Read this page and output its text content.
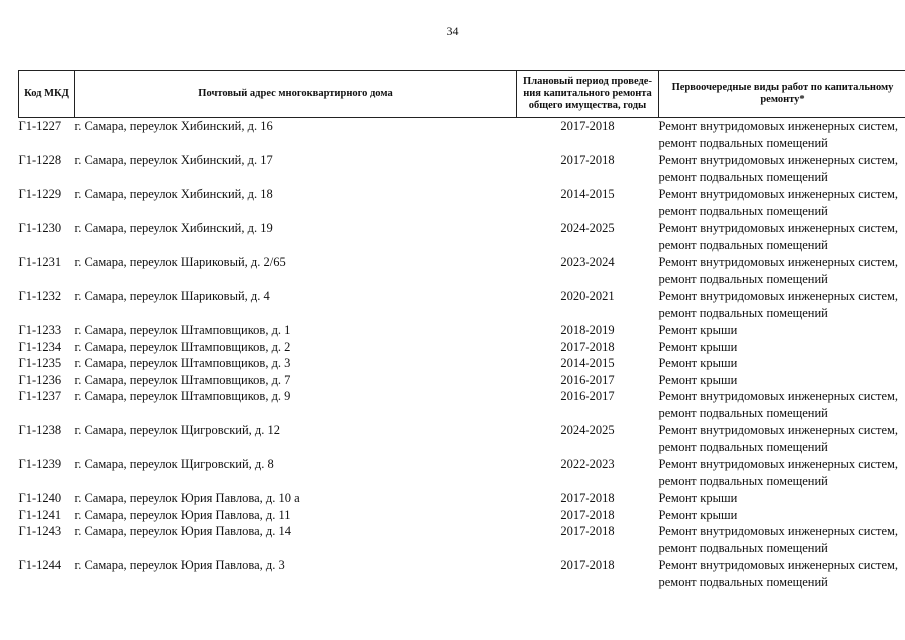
34
Код МКД	Почтовый адрес многоквартирного дома	Плановый период проведе- ния капитального ремонта общего имущества, годы	Первоочередные виды работ по капитальному ремонту*
Г1-1227	г. Самара, переулок Хибинский, д. 16	2017-2018	Ремонт внутридомовых инженерных систем,
ремонт подвальных помещений

Г1-1228	г. Самара, переулок Хибинский, д. 17	2017-2018	Ремонт внутридомовых инженерных систем,
ремонт подвальных помещений

Г1-1229	г. Самара, переулок Хибинский, д. 18	2014-2015	Ремонт внутридомовых инженерных систем,
ремонт подвальных помещений

Г1-1230	г. Самара, переулок Хибинский, д. 19	2024-2025	Ремонт внутридомовых инженерных систем,
ремонт подвальных помещений

Г1-1231	г. Самара, переулок Шариковый, д. 2/65	2023-2024	Ремонт внутридомовых инженерных систем,
ремонт подвальных помещений

Г1-1232	г. Самара, переулок Шариковый, д. 4	2020-2021	Ремонт внутридомовых инженерных систем,
ремонт подвальных помещений

Г1-1233	г. Самара, переулок Штамповщиков, д. 1	2018-2019	Ремонт крыши

Г1-1234	г. Самара, переулок Штамповщиков, д. 2	2017-2018	Ремонт крыши

Г1-1235	г. Самара, переулок Штамповщиков, д. 3	2014-2015	Ремонт крыши

Г1-1236	г. Самара, переулок Штамповщиков, д. 7	2016-2017	Ремонт крыши

Г1-1237	г. Самара, переулок Штамповщиков, д. 9	2016-2017	Ремонт внутридомовых инженерных систем,
ремонт подвальных помещений

Г1-1238	г. Самара, переулок Щигровский, д. 12	2024-2025	Ремонт внутридомовых инженерных систем,
ремонт подвальных помещений

Г1-1239	г. Самара, переулок Щигровский, д. 8	2022-2023	Ремонт внутридомовых инженерных систем,
ремонт подвальных помещений

Г1-1240	г. Самара, переулок Юрия Павлова, д. 10 а	2017-2018	Ремонт крыши

Г1-1241	г. Самара, переулок Юрия Павлова, д. 11	2017-2018	Ремонт крыши

Г1-1243	г. Самара, переулок Юрия Павлова, д. 14	2017-2018	Ремонт внутридомовых инженерных систем,
ремонт подвальных помещений

Г1-1244	г. Самара, переулок Юрия Павлова, д. 3	2017-2018	Ремонт внутридомовых инженерных систем,
ремонт подвальных помещений
